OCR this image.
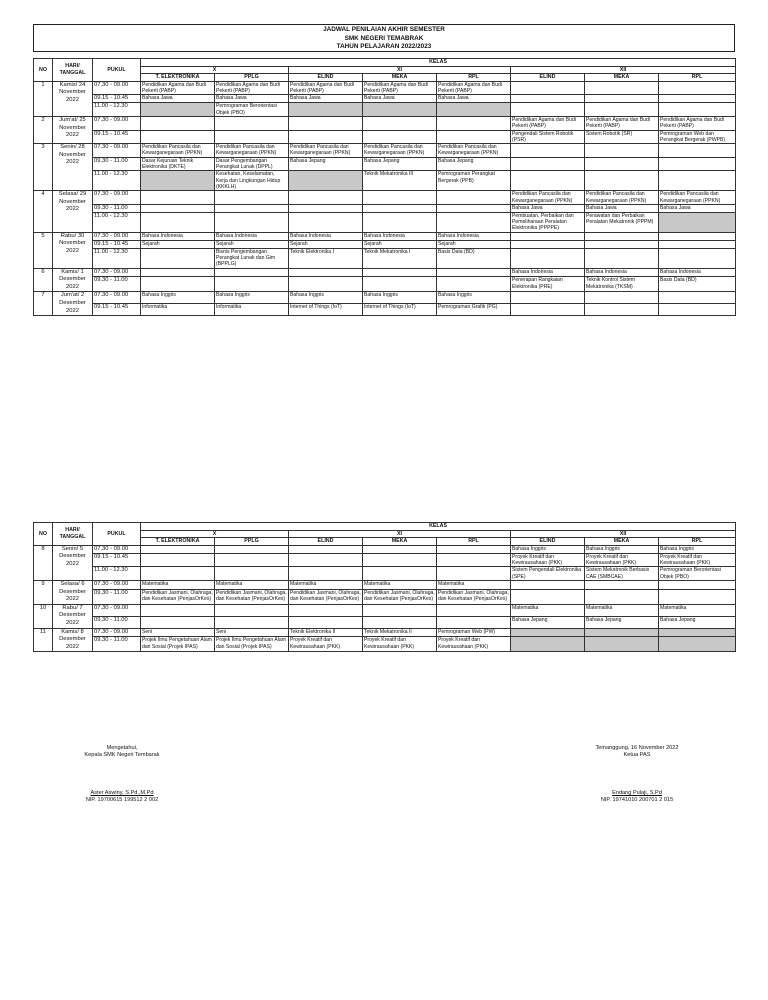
JADWAL PENILAIAN AKHIR SEMESTER
SMK NEGERI TEMABRAK
TAHUN PELAJARAN 2022/2023
NO	HARI/ TANGGAL	PUKUL	KELAS							
			X		XI			XII		
			T. ELEKTRONIKA	PPLG	ELIND	MEKA	RPL	ELIND	MEKA	RPL
1	Kamis/ 24 November 2022	07.30 - 09.00	Pendidikan Agama dan Budi Pekerti (PABP)	Pendidikan Agama dan Budi Pekerti (PABP)	Pendidikan Agama dan Budi Pekerti (PABP)	Pendidikan Agama dan Budi Pekerti (PABP)	Pendidikan Agama dan Budi Pekerti (PABP)			
		09.15 - 10.45	Bahasa Jawa	Bahasa Jawa	Bahasa Jawa	Bahasa Jawa	Bahasa Jawa			
		11.00 - 12.30		Pemrograman Berorientasi Objek (PBO)						
2	Jum'at/ 25 November 2022	07.30 - 09.00						Pendidikan Agama dan Budi Pekerti (PABP)	Pendidikan Agama dan Budi Pekerti (PABP)	Pendidikan Agama dan Budi Pekerti (PABP)
		09.15 - 10.45						Pengendali Sistem Robotik (PSR)	Sistem Robotik (SR)	Pemrograman Web dan Perangkat Bergerak (PWPB)
3	Senin/ 28 November 2022	07.30 - 09.00	Pendidikan Pancasila dan Kewarganegaraan (PPKN)	Pendidikan Pancasila dan Kewarganegaraan (PPKN)	Pendidikan Pancasila dan Kewarganegaraan (PPKN)	Pendidikan Pancasila dan Kewarganegaraan (PPKN)	Pendidikan Pancasila dan Kewarganegaraan (PPKN)			
		09.30 - 11.00	Dasar Kejuruan Teknik Elektronika (DKTE)	Dasar Pengembangan Perangkat Lunak (DPPL)	Bahasa Jepang	Bahasa Jepang	Bahasa Jepang			
		11.00 - 12.30		Kesehatan, Keselamatan, Kerja dan Lingkungan Hidup (KKKLH)		Teknik Mekatronika III	Pemrograman Perangkat Bergerak (PPB)			
4	Selasa/ 29 November 2022	07.30 - 09.00						Pendidikan Pancasila dan Kewarganegaraan (PPKN)	Pendidikan Pancasila dan Kewarganegaraan (PPKN)	Pendidikan Pancasila dan Kewarganegaraan (PPKN)
		09.30 - 11.00						Bahasa Jawa	Bahasa Jawa	Bahasa Jawa
		11.00 - 12.30						Pembuatan, Perbaikan dan Pemeliharaan Peralatan Elektronika (PPPPE)	Perawatan dan Perbaikan Peralatan Mekatronik (PPPM)	
5	Rabu/ 30 November 2022	07.30 - 09.00	Bahasa Indonesia	Bahasa Indonesia	Bahasa Indonesia	Bahasa Indonesia	Bahasa Indonesia			
		09.15 - 10.45	Sejarah	Sejarah	Sejarah	Sejarah	Sejarah			
		11.00 - 12.30		Bisnis Pengembangan Perangkat Lunak dan Gim (BPPLG)	Teknik Elektronika I	Teknik Mekatronika I	Basis Data (BD)			
6	Kamis/ 1 Desember 2022	07.30 - 09.00						Bahasa Indonesia	Bahasa Indonesia	Bahasa Indonesia
		09.30 - 11.00						Penerapan Rangkaian Elektronika (PRE)	Teknik Kontrol Sistem Mekatronika (TKSM)	Basis Data (BD)
7	Jum'at/ 2 Desember 2022	07.30 - 09.00	Bahasa Inggris	Bahasa Inggris	Bahasa Inggris	Bahasa Inggris	Bahasa Inggris			
		09.15 - 10.45	Informatika	Informatika	Internet of Things (IoT)	Internet of Things (IoT)	Pemrograman Grafik (PG)			
NO	HARI/ TANGGAL	PUKUL	KELAS							
			X		XI			XII		
			T. ELEKTRONIKA	PPLG	ELIND	MEKA	RPL	ELIND	MEKA	RPL
8	Senin/ 5 Desember 2022	07.30 - 09.00						Bahasa Inggris	Bahasa Inggris	Bahasa Inggris
		09.15 - 10.45						Proyek Kreatif dan Kewirausahaan (PKK)	Proyek Kreatif dan Kewirausahaan (PKK)	Proyek Kreatif dan Kewirausahaan (PKK)
		11.00 - 12.30						Sistem Pengendali Elektronika (SPE)	Sistem Mekatronik Berbasis CAE (SMBCAE)	Pemrograman Berorientasi Objek (PBO)
9	Selasa/ 6 Desember 2022	07.30 - 09.00	Matematika	Matematika	Matematika	Matematika	Matematika			
		09.30 - 11.00	Pendidikan Jasmani, Olahraga, dan Kesehatan (PenjasOrKes)	Pendidikan Jasmani, Olahraga, dan Kesehatan (PenjasOrKes)	Pendidikan Jasmani, Olahraga, dan Kesehatan (PenjasOrKes)	Pendidikan Jasmani, Olahraga, dan Kesehatan (PenjasOrKes)	Pendidikan Jasmani, Olahraga, dan Kesehatan (PenjasOrKes)			
10	Rabu/ 7 Desember 2022	07.30 - 09.00						Matematika	Matematika	Matematika
		09.30 - 11.00						Bahasa Jepang	Bahasa Jepang	Bahasa Jepang
11	Kamis/ 8 Desember 2022	07.30 - 09.00	Seni	Seni	Teknik Elektronika II	Teknik Mekatronika II	Pemrograman Web (PW)			
		09.30 - 11.00	Projek Ilmu Pengetahuan Alam dan Sosial (Projek IPAS)	Projek Ilmu Pengetahuan Alam dan Sosial (Projek IPAS)	Proyek Kreatif dan Kewirausahaan (PKK)	Proyek Kreatif dan Kewirausahaan (PKK)	Proyek Kreatif dan Kewirausahaan (PKK)			
Mengetahui,
Kepala SMK Negeri Tembarak
Aster Aswiny, S.Pd.,M.Pd
NIP. 19700615 199512 2 002
Temanggung, 16 November 2022
Ketua PAS
Endang Pulaji, S.Pd
NIP. 19741010 200701 2 015
